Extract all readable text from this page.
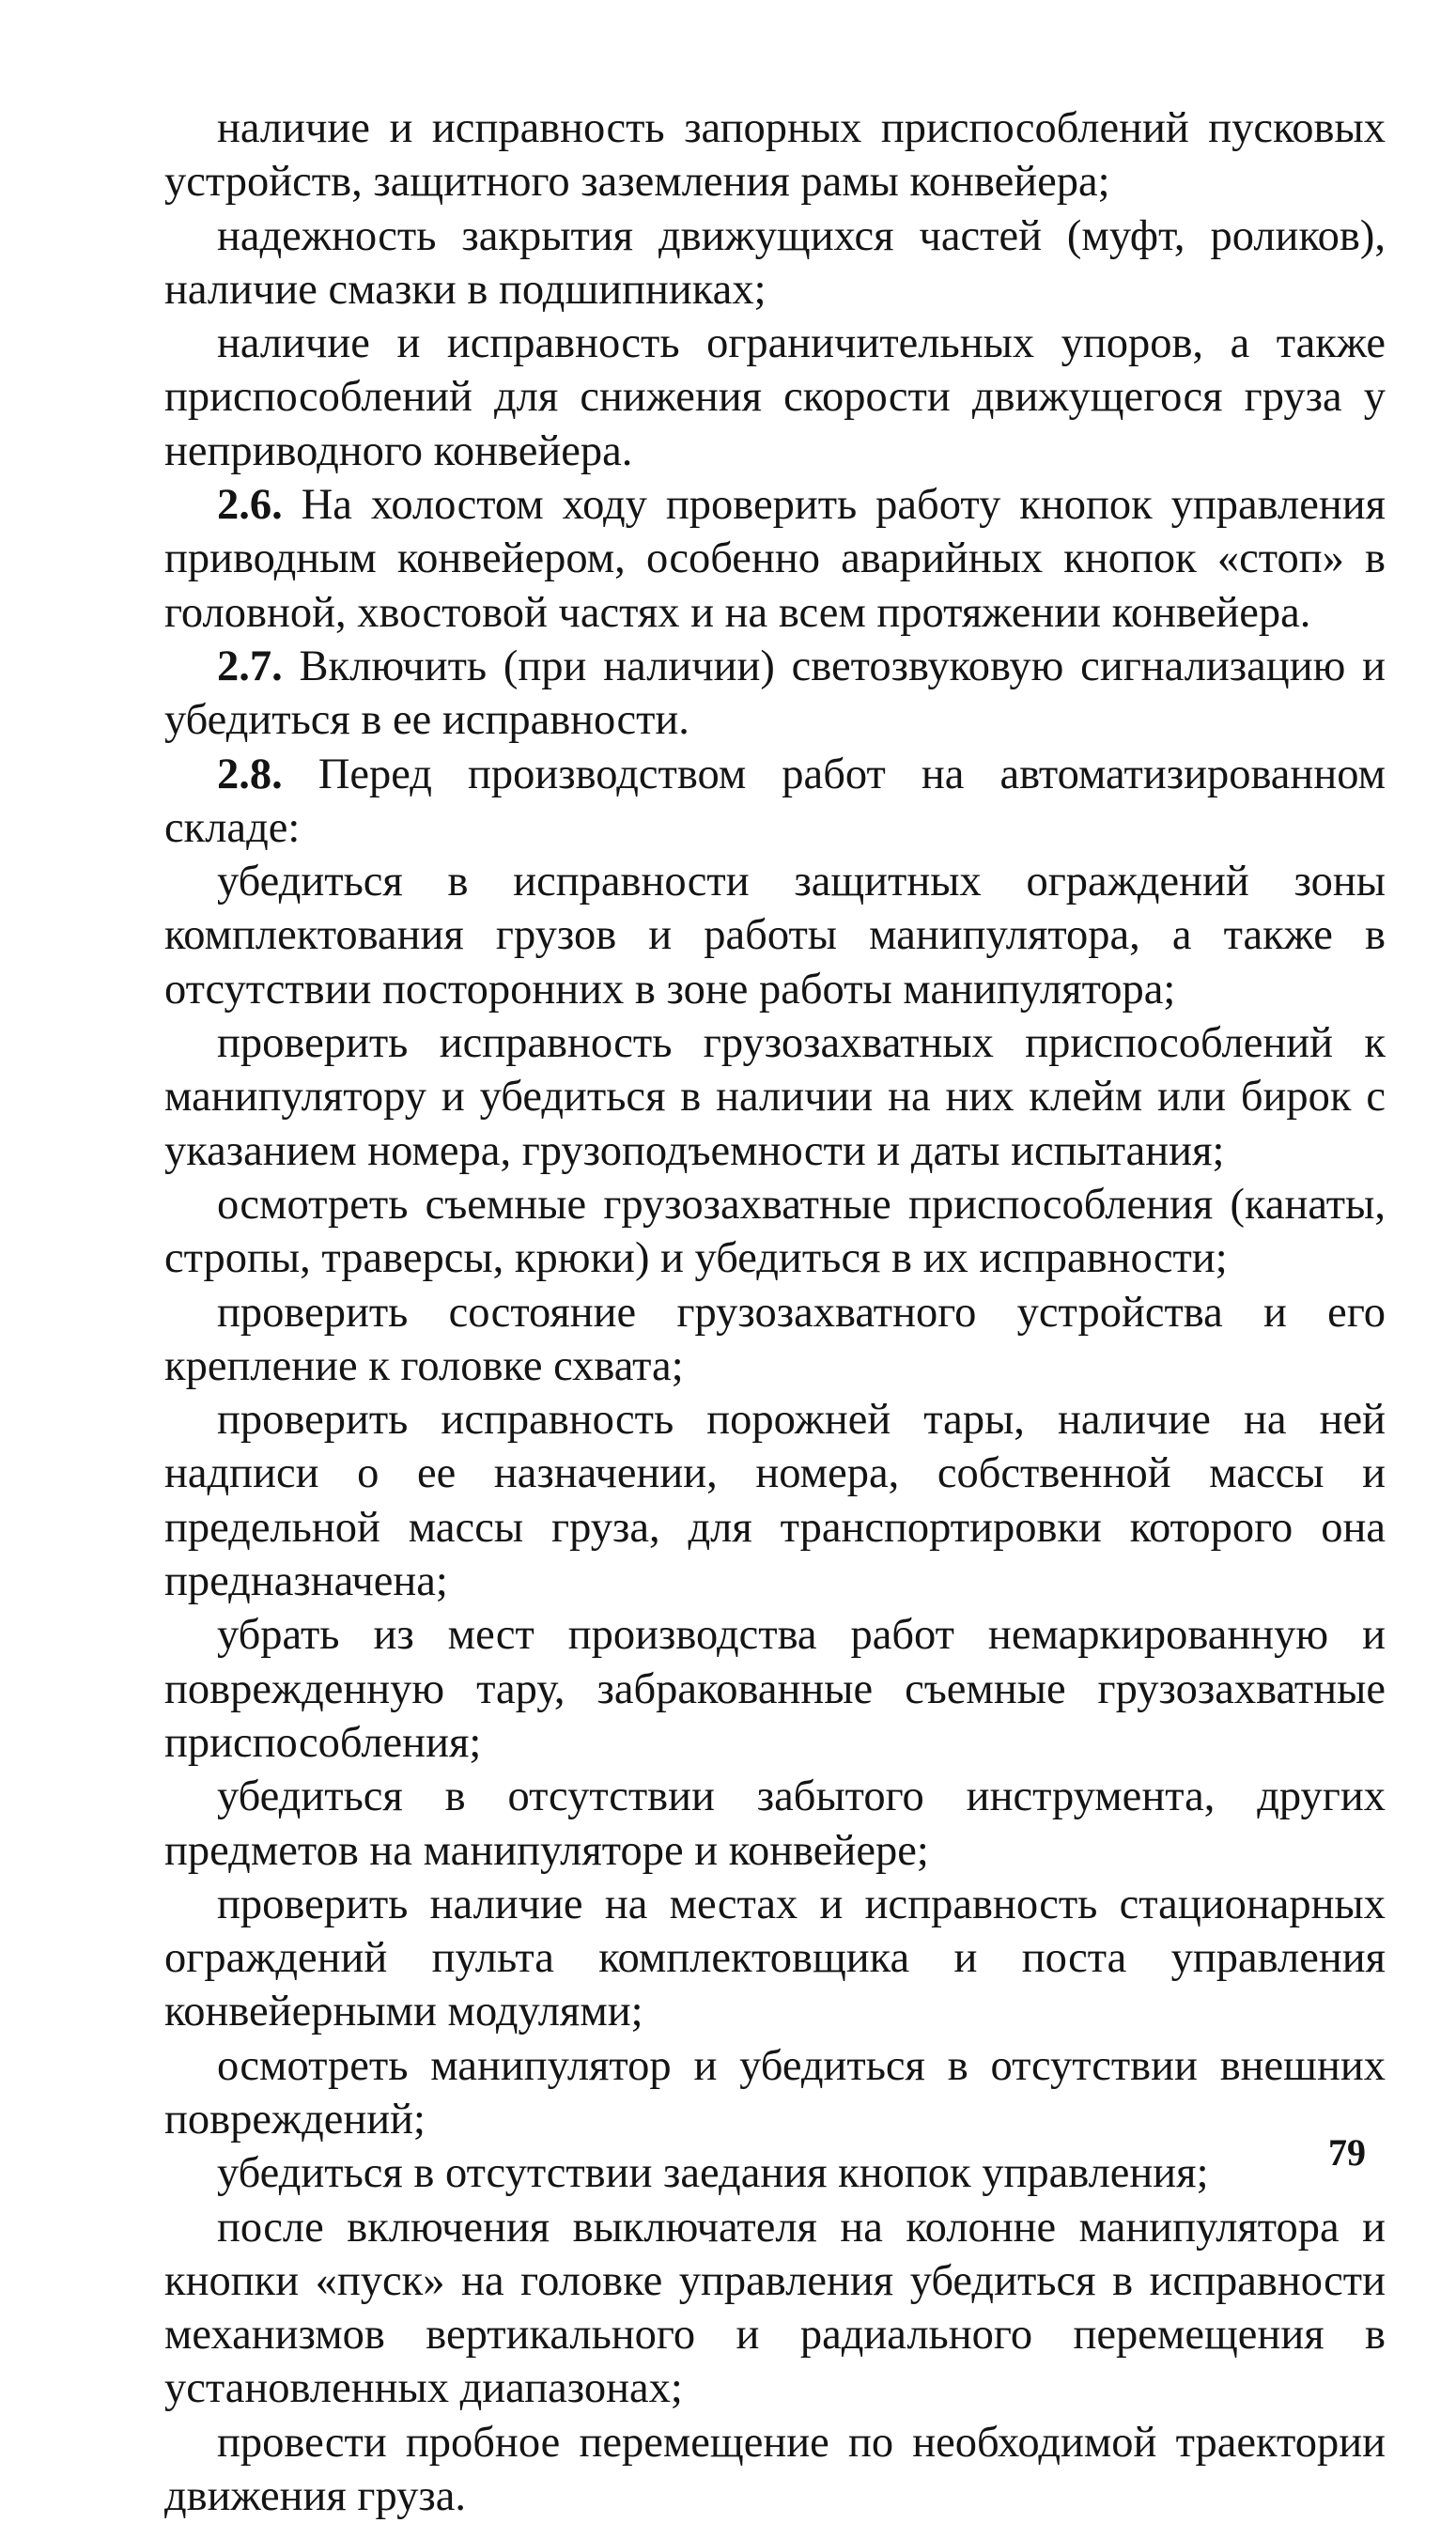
наличие и исправность запорных приспособлений пусковых устройств, защитного заземления рамы конвейера;

надежность закрытия движущихся частей (муфт, роликов), наличие смазки в подшипниках;

наличие и исправность ограничительных упоров, а также приспособлений для снижения скорости движущегося груза у неприводного конвейера.

2.6. На холостом ходу проверить работу кнопок управления приводным конвейером, особенно аварийных кнопок «стоп» в головной, хвостовой частях и на всем протяжении конвейера.

2.7. Включить (при наличии) светозвуковую сигнализацию и убедиться в ее исправности.

2.8. Перед производством работ на автоматизированном складе:

убедиться в исправности защитных ограждений зоны комплектования грузов и работы манипулятора, а также в отсутствии посторонних в зоне работы манипулятора;

проверить исправность грузозахватных приспособлений к манипулятору и убедиться в наличии на них клейм или бирок с указанием номера, грузоподъемности и даты испытания;

осмотреть съемные грузозахватные приспособления (канаты, стропы, траверсы, крюки) и убедиться в их исправности;

проверить состояние грузозахватного устройства и его крепление к головке схвата;

проверить исправность порожней тары, наличие на ней надписи о ее назначении, номера, собственной массы и предельной массы груза, для транспортировки которого она предназначена;

убрать из мест производства работ немаркированную и поврежденную тару, забракованные съемные грузозахватные приспособления;

убедиться в отсутствии забытого инструмента, других предметов на манипуляторе и конвейере;

проверить наличие на местах и исправность стационарных ограждений пульта комплектовщика и поста управления конвейерными модулями;

осмотреть манипулятор и убедиться в отсутствии внешних повреждений;

убедиться в отсутствии заедания кнопок управления;

после включения выключателя на колонне манипулятора и кнопки «пуск» на головке управления убедиться в исправности механизмов вертикального и радиального перемещения в установленных диапазонах;

провести пробное перемещение по необходимой траектории движения груза.

79
